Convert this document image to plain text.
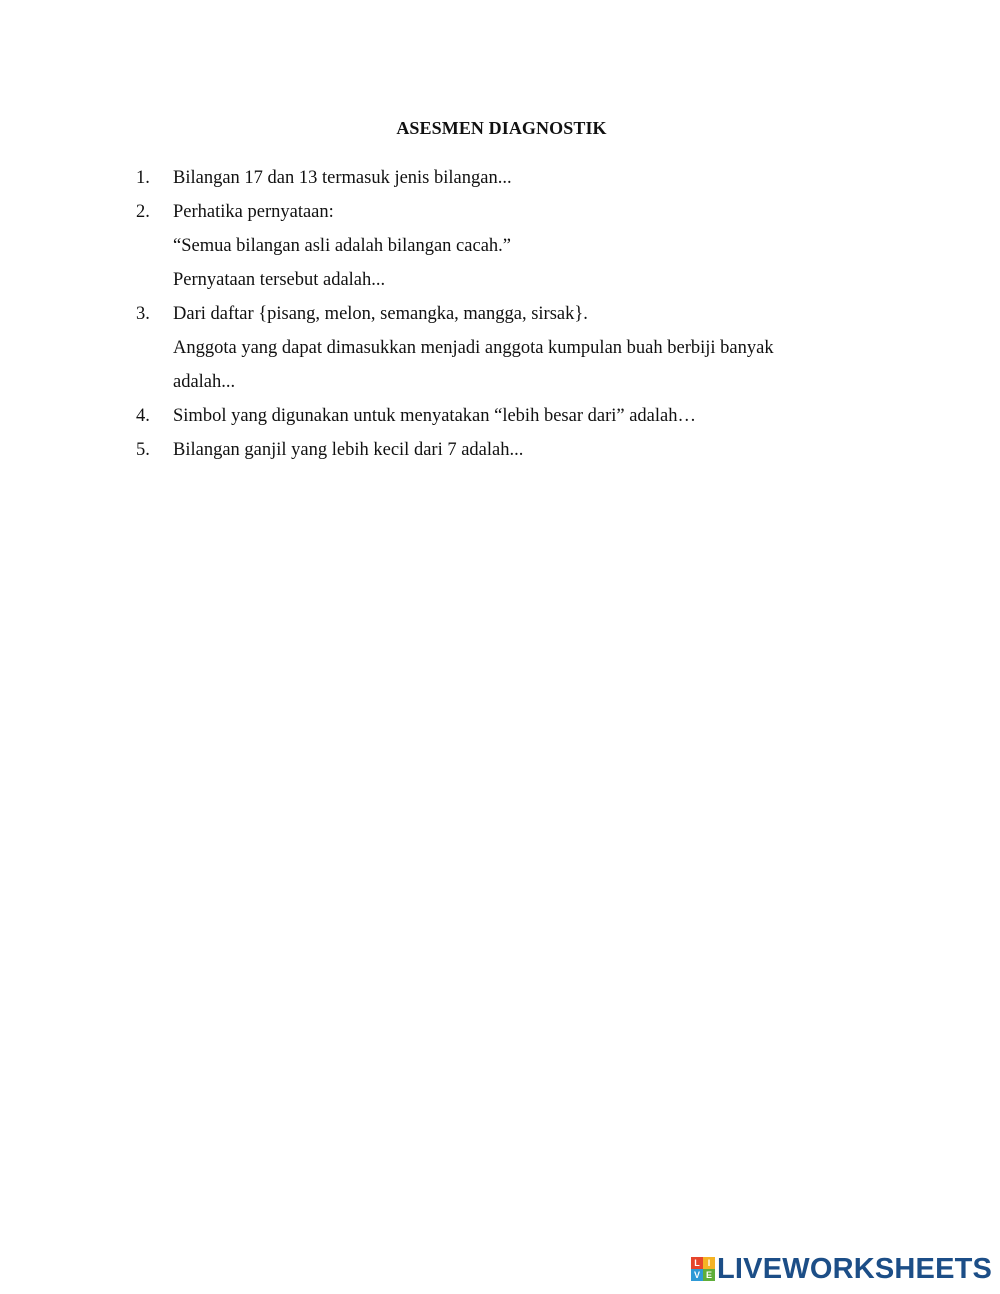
ASESMEN DIAGNOSTIK
1. Bilangan 17 dan 13 termasuk jenis bilangan...
2. Perhatika pernyataan:
“Semua bilangan asli adalah bilangan cacah.”
Pernyataan tersebut adalah...
3. Dari daftar {pisang, melon, semangka, mangga, sirsak}.
Anggota yang dapat dimasukkan menjadi anggota kumpulan buah berbiji banyak
adalah...
4. Simbol yang digunakan untuk menyatakan “lebih besar dari” adalah…
5. Bilangan ganjil yang lebih kecil dari 7 adalah...
L I
V E LIVEWORKSHEETS
